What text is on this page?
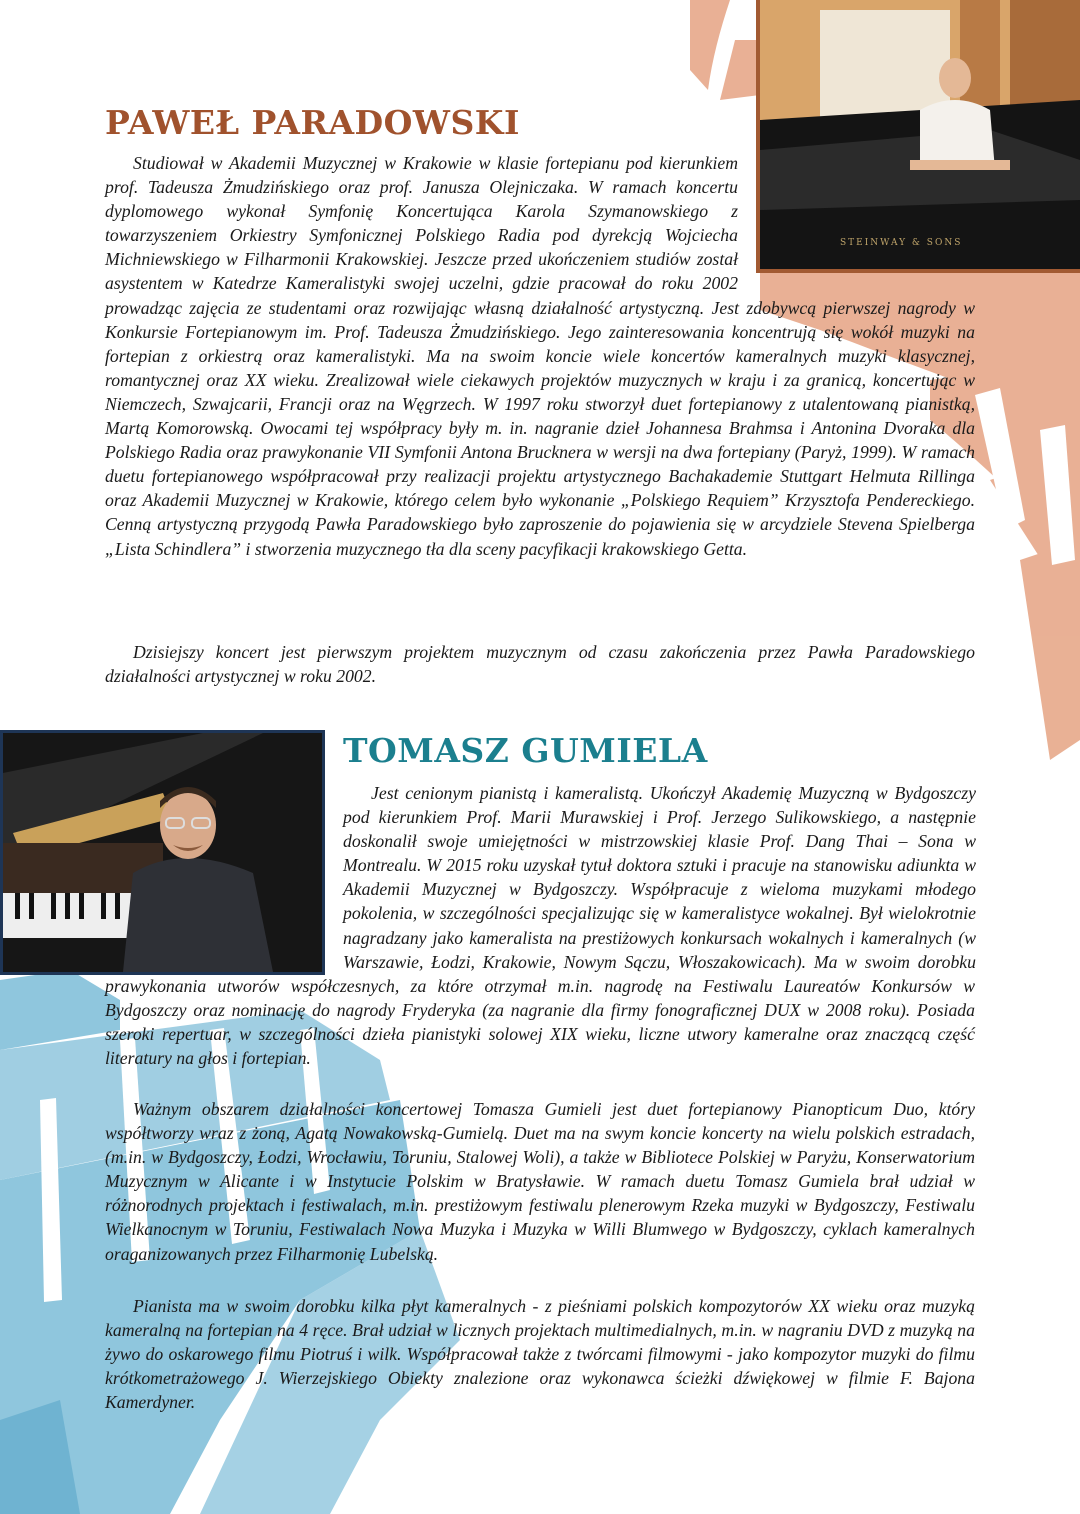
STEINWAY & SONS
PAWEŁ PARADOWSKI

Studiował w Akademii Muzycznej w Krakowie w klasie fortepianu pod kierunkiem prof. Tadeusza Żmudzińskiego oraz prof. Janusza Olejniczaka. W ramach koncertu dyplomowego wykonał Symfonię Koncertująca Karola Szymanowskiego z towarzyszeniem Orkiestry Symfonicznej Polskiego Radia pod dyrekcją Wojciecha Michniewskiego w Filharmonii Krakowskiej. Jeszcze przed ukończeniem studiów został asystentem w Katedrze Kameralistyki swojej uczelni, gdzie pracował do roku 2002

Dzisiejszy koncert jest pierwszym projektem muzycznym od czasu zakończenia przez Pawła Paradowskiego działalności artystycznej w roku 2002.

prowadząc zajęcia ze studentami oraz rozwijając własną działalność artystyczną. Jest zdobywcą pierwszej nagrody w Konkursie Fortepianowym im. Prof. Tadeusza Żmudzińskiego. Jego zainteresowania koncentrują się wokół muzyki na fortepian z orkiestrą oraz kameralistyki. Ma na swoim koncie wiele koncertów kameralnych muzyki klasycznej, romantycznej oraz XX wieku. Zrealizował wiele ciekawych projektów muzycznych w kraju i za granicą, koncertując w Niemczech, Szwajcarii, Francji oraz na Węgrzech. W 1997 roku stworzył duet fortepianowy z utalentowaną pianistką, Martą Komorowską. Owocami tej współpracy były m. in. nagranie dzieł Johannesa Brahmsa i Antonina Dvoraka dla Polskiego Radia oraz prawykonanie VII Symfonii Antona Brucknera w wersji na dwa fortepiany (Paryż, 1999). W ramach duetu fortepianowego współpracował przy realizacji projektu artystycznego Bachakademie Stuttgart Helmuta Rillinga oraz Akademii Muzycznej w Krakowie, którego celem było wykonanie „Polskiego Requiem” Krzysztofa Pendereckiego. Cenną artystyczną przygodą Pawła Paradowskiego było zaproszenie do pojawienia się w arcydziele Stevena Spielberga „Lista Schindlera” i stworzenia muzycznego tła dla sceny pacyfikacji krakowskiego Getta.

TOMASZ GUMIELA

Jest cenionym pianistą i kameralistą. Ukończył Akademię Muzyczną w Bydgoszczy pod kierunkiem Prof. Marii Murawskiej i Prof. Jerzego Sulikowskiego, a następnie doskonalił swoje umiejętności w mistrzowskiej klasie Prof. Dang Thai – Sona w Montrealu. W 2015 roku uzyskał tytuł doktora sztuki i pracuje na stanowisku adiunkta w Akademii Muzycznej w Bydgoszczy. Współpracuje z wieloma muzykami młodego pokolenia, w szczególności specjalizując się w kameralistyce wokalnej. Był wielokrotnie nagradzany jako kameralista na prestiżowych konkursach wokalnych i kameralnych (w Warszawie, Łodzi, Krakowie, Nowym Sączu, Włoszakowicach). Ma w swoim dorobku

Ważnym obszarem działalności koncertowej Tomasza Gumieli jest duet fortepianowy Pianopticum Duo, który współtworzy wraz z żoną, Agatą Nowakowską-Gumielą. Duet ma na swym koncie koncerty na wielu polskich estradach, (m.in. w Bydgoszczy, Łodzi, Wrocławiu, Toruniu, Stalowej Woli), a także w Bibliotece Polskiej w Paryżu, Konserwatorium Muzycznym w Alicante i w Instytucie Polskim w Bratysławie. W ramach duetu Tomasz Gumiela brał udział w różnorodnych projektach i festiwalach, m.in. prestiżowym festiwalu plenerowym Rzeka muzyki w Bydgoszczy, Festiwalu Wielkanocnym w Toruniu, Festiwalach Nowa Muzyka i Muzyka w Willi Blumwego w Bydgoszczy, cyklach kameralnych oraganizowanych przez Filharmonię Lubelską.

Pianista ma w swoim dorobku kilka płyt kameralnych - z pieśniami polskich kompozytorów XX wieku oraz muzyką kameralną na fortepian na 4 ręce. Brał udział w licznych projektach multimedialnych, m.in. w nagraniu DVD z muzyką na żywo do oskarowego filmu Piotruś i wilk. Współpracował także z twórcami filmowymi - jako kompozytor muzyki do filmu krótkometrażowego J. Wierzejskiego Obiekty znalezione oraz wykonawca ścieżki dźwiękowej w filmie F. Bajona Kamerdyner.

prawykonania utworów współczesnych, za które otrzymał m.in. nagrodę na Festiwalu Laureatów Konkursów w Bydgoszczy oraz nominację do nagrody Fryderyka (za nagranie dla firmy fonograficznej DUX w 2008 roku). Posiada szeroki repertuar, w szczególności dzieła pianistyki solowej XIX wieku, liczne utwory kameralne oraz znaczącą część literatury na głos i fortepian.
